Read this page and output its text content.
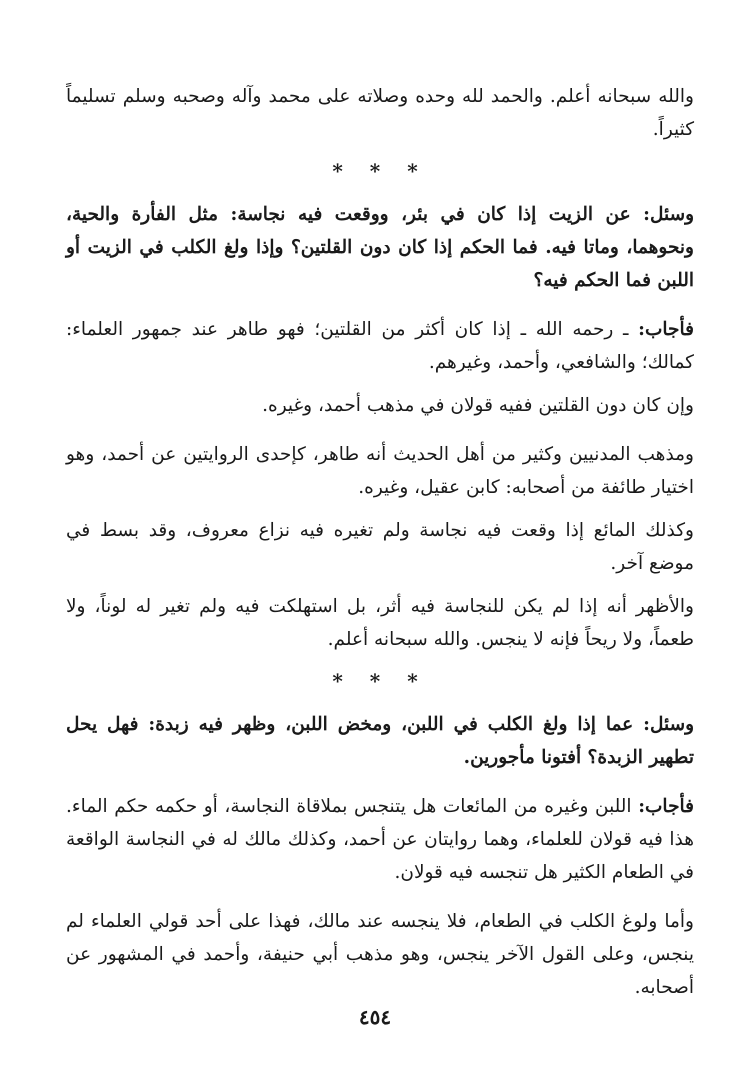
والله سبحانه أعلم. والحمد لله وحده وصلاته على محمد وآله وصحبه وسلم تسليماً كثيراً.

* * *

وسئل: عن الزيت إذا كان في بئر، ووقعت فيه نجاسة: مثل الفأرة والحية، ونحوهما، وماتا فيه. فما الحكم إذا كان دون القلتين؟ وإذا ولغ الكلب في الزيت أو اللبن فما الحكم فيه؟

فأجاب: ـ رحمه الله ـ إذا كان أكثر من القلتين؛ فهو طاهر عند جمهور العلماء: كمالك؛ والشافعي، وأحمد، وغيرهم.

وإن كان دون القلتين ففيه قولان في مذهب أحمد، وغيره.

ومذهب المدنيين وكثير من أهل الحديث أنه طاهر، كإحدى الروايتين عن أحمد، وهو اختيار طائفة من أصحابه: كابن عقيل، وغيره.

وكذلك المائع إذا وقعت فيه نجاسة ولم تغيره فيه نزاع معروف، وقد بسط في موضع آخر.

والأظهر أنه إذا لم يكن للنجاسة فيه أثر، بل استهلكت فيه ولم تغير له لوناً، ولا طعماً، ولا ريحاً فإنه لا ينجس. والله سبحانه أعلم.

* * *

وسئل: عما إذا ولغ الكلب في اللبن، ومخض اللبن، وظهر فيه زبدة: فهل يحل تطهير الزبدة؟ أفتونا مأجورين.

فأجاب: اللبن وغيره من المائعات هل يتنجس بملاقاة النجاسة، أو حكمه حكم الماء. هذا فيه قولان للعلماء، وهما روايتان عن أحمد، وكذلك مالك له في النجاسة الواقعة في الطعام الكثير هل تنجسه فيه قولان.

وأما ولوغ الكلب في الطعام، فلا ينجسه عند مالك، فهذا على أحد قولي العلماء لم ينجس، وعلى القول الآخر ينجس، وهو مذهب أبي حنيفة، وأحمد في المشهور عن أصحابه.

٤٥٤
